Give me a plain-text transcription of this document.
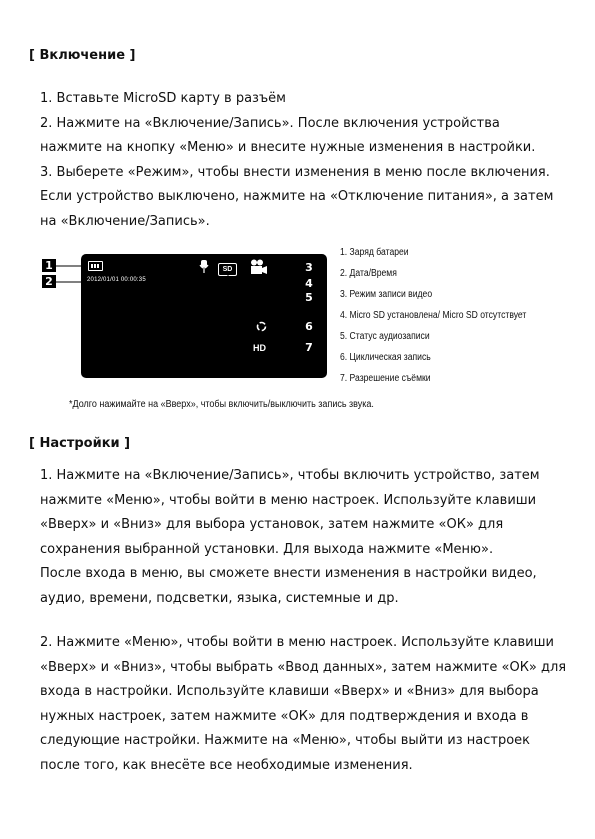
[ Включение ]
1. Вставьте MicroSD карту в разъём
2. Нажмите на «Включение/Запись». После включения устройства
нажмите на кнопку «Меню» и внесите нужные изменения в настройки.
3. Выберете «Режим», чтобы внести изменения в меню после включения.
Если устройство выключено, нажмите на «Отключение питания», а затем
на «Включение/Запись».
2012/01/01 00:00:35
SD
HD
1
2
3
4
5
6
7
1. Заряд батареи
2. Дата/Время
3. Режим записи видео
4. Micro SD установлена/ Micro SD отсутствует
5. Статус аудиозаписи
6. Циклическая запись
7. Разрешение съёмки
*Долго нажимайте на «Вверх», чтобы включить/выключить запись звука.
[ Настройки ]
1. Нажмите на «Включение/Запись», чтобы включить устройство, затем
нажмите «Меню», чтобы войти в меню настроек. Используйте клавиши
«Вверх» и «Вниз» для выбора установок, затем нажмите «ОК» для
сохранения выбранной установки. Для выхода нажмите «Меню».
После входа в меню, вы сможете внести изменения в настройки видео,
аудио, времени, подсветки, языка, системные и др.
2. Нажмите «Меню», чтобы войти в меню настроек. Используйте клавиши
«Вверх» и «Вниз», чтобы выбрать «Ввод данных», затем нажмите «ОК» для
входа в настройки. Используйте клавиши «Вверх» и «Вниз» для выбора
нужных настроек, затем нажмите «ОК» для подтверждения и входа в
следующие настройки. Нажмите на «Меню», чтобы выйти из настроек
после того, как внесёте все необходимые изменения.
